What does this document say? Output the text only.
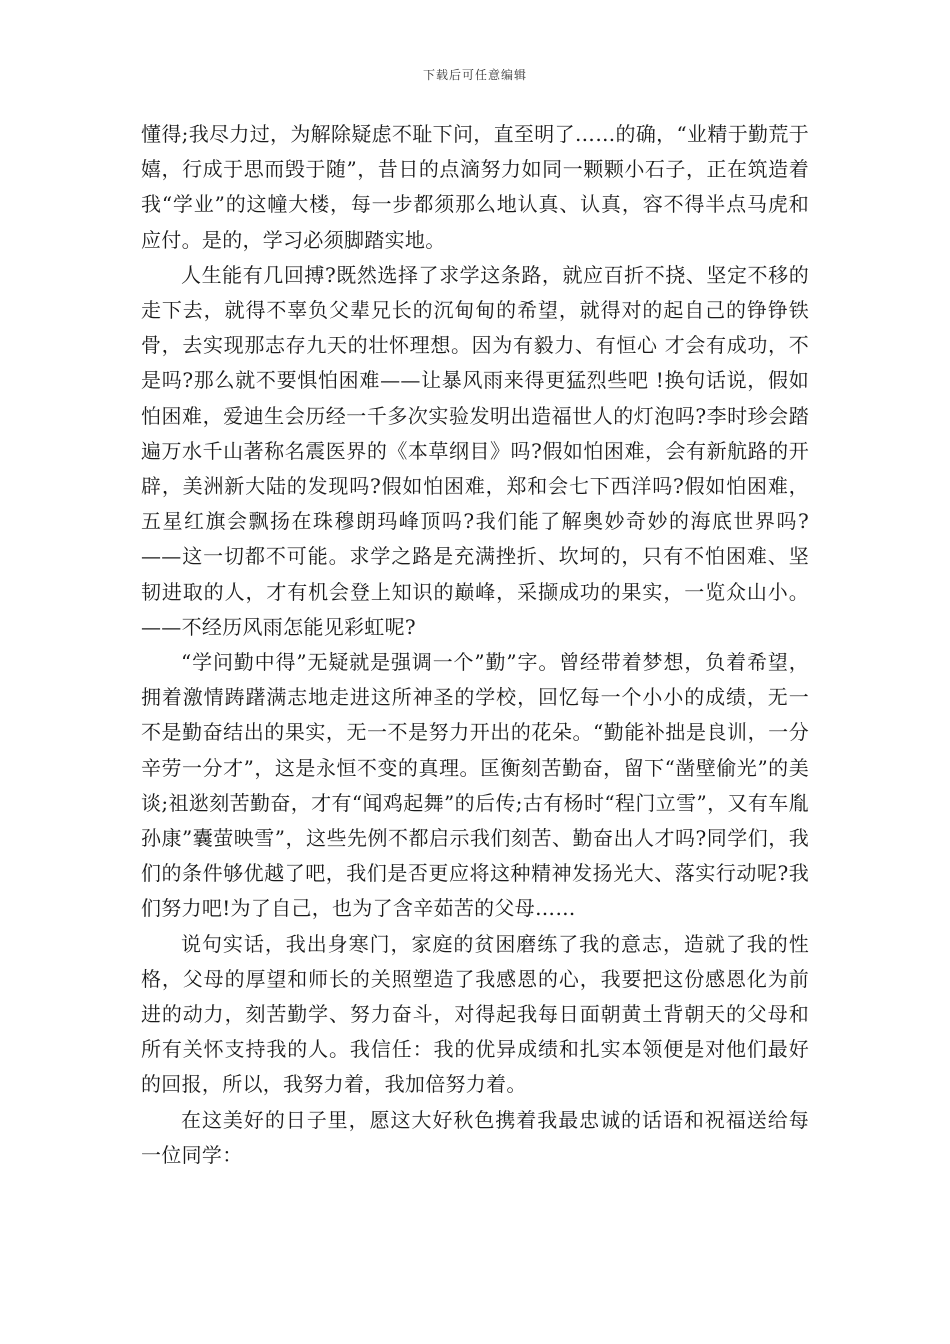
下载后可任意编辑

懂得;我尽力过，为解除疑虑不耻下问，直至明了……的确，“业精于勤荒于嬉，行成于思而毁于随”，昔日的点滴努力如同一颗颗小石子，正在筑造着我“学业”的这幢大楼，每一步都须那么地认真、认真，容不得半点马虎和应付。是的，学习必须脚踏实地。

人生能有几回搏?既然选择了求学这条路，就应百折不挠、坚定不移的走下去，就得不辜负父辈兄长的沉甸甸的希望，就得对的起自己的铮铮铁骨，去实现那志存九天的壮怀理想。因为有毅力、有恒心 才会有成功，不是吗?那么就不要惧怕困难——让暴风雨来得更猛烈些吧 !换句话说，假如怕困难，爱迪生会历经一千多次实验发明出造福世人的灯泡吗?李时珍会踏遍万水千山著称名震医界的《本草纲目》吗?假如怕困难，会有新航路的开辟，美洲新大陆的发现吗?假如怕困难，郑和会七下西洋吗?假如怕困难，五星红旗会飘扬在珠穆朗玛峰顶吗?我们能了解奥妙奇妙的海底世界吗?——这一切都不可能。求学之路是充满挫折、坎坷的，只有不怕困难、坚韧进取的人，才有机会登上知识的巅峰，采撷成功的果实，一览众山小。——不经历风雨怎能见彩虹呢?

“学问勤中得”无疑就是强调一个”勤”字。曾经带着梦想，负着希望，拥着激情踌躇满志地走进这所神圣的学校，回忆每一个小小的成绩，无一不是勤奋结出的果实，无一不是努力开出的花朵。“勤能补拙是良训，一分辛劳一分才”，这是永恒不变的真理。匡衡刻苦勤奋，留下“凿壁偷光”的美谈;祖逖刻苦勤奋，才有“闻鸡起舞”的后传;古有杨时“程门立雪”，又有车胤孙康”囊萤映雪”，这些先例不都启示我们刻苦、勤奋出人才吗?同学们，我们的条件够优越了吧，我们是否更应将这种精神发扬光大、落实行动呢?我们努力吧!为了自己，也为了含辛茹苦的父母……

说句实话，我出身寒门，家庭的贫困磨练了我的意志，造就了我的性格，父母的厚望和师长的关照塑造了我感恩的心，我要把这份感恩化为前进的动力，刻苦勤学、努力奋斗，对得起我每日面朝黄土背朝天的父母和所有关怀支持我的人。我信任：我的优异成绩和扎实本领便是对他们最好的回报，所以，我努力着，我加倍努力着。

在这美好的日子里，愿这大好秋色携着我最忠诚的话语和祝福送给每一位同学：
